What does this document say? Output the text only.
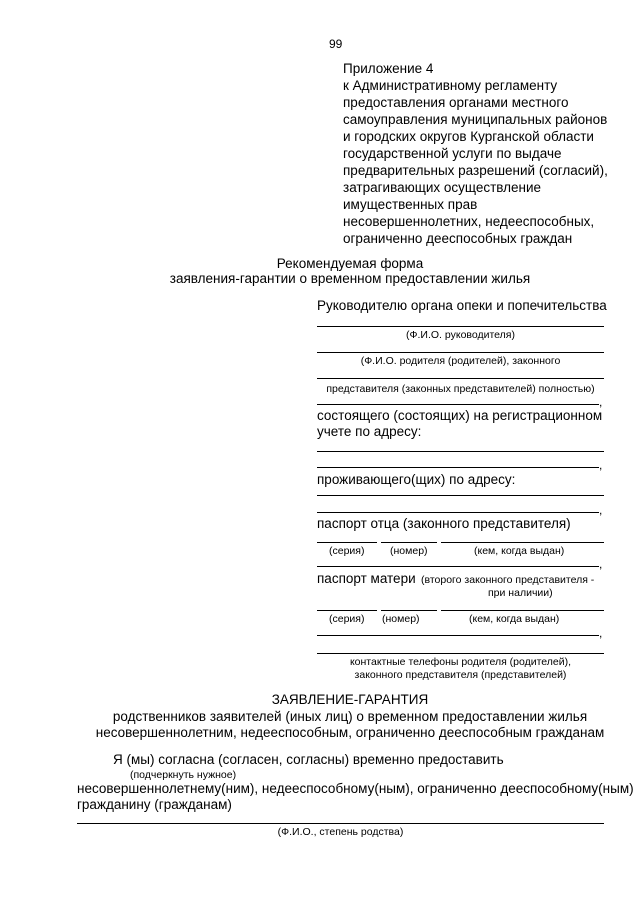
99
Приложение 4
к Административному регламенту
предоставления органами местного
самоуправления муниципальных районов
и городских округов Курганской области
государственной услуги по выдаче
предварительных разрешений (согласий),
затрагивающих осуществление
имущественных прав
несовершеннолетних, недееспособных,
ограниченно дееспособных граждан
Рекомендуемая форма
заявления-гарантии о временном предоставлении жилья
Руководителю органа опеки и попечительства
(Ф.И.О. руководителя)
(Ф.И.О. родителя (родителей), законного
представителя (законных представителей) полностью)
,
состоящего (состоящих) на регистрационном
учете по адресу:
,
проживающего(щих) по адресу:
,
паспорт отца (законного представителя)
(серия) (номер)	(кем, когда выдан)
,
паспорт матери (второго законного представителя -
при наличии)
(серия) (номер)	(кем, когда выдан)
,
контактные телефоны родителя (родителей),
законного представителя (представителей)
ЗАЯВЛЕНИЕ-ГАРАНТИЯ
родственников заявителей (иных лиц) о временном предоставлении жилья
несовершеннолетним, недееспособным, ограниченно дееспособным гражданам
Я (мы) согласна (согласен, согласны) временно предоставить
(подчеркнуть нужное)
несовершеннолетнему(ним), недееспособному(ным), ограниченно дееспособному(ным)
гражданину (гражданам)
(Ф.И.О., степень родства)
